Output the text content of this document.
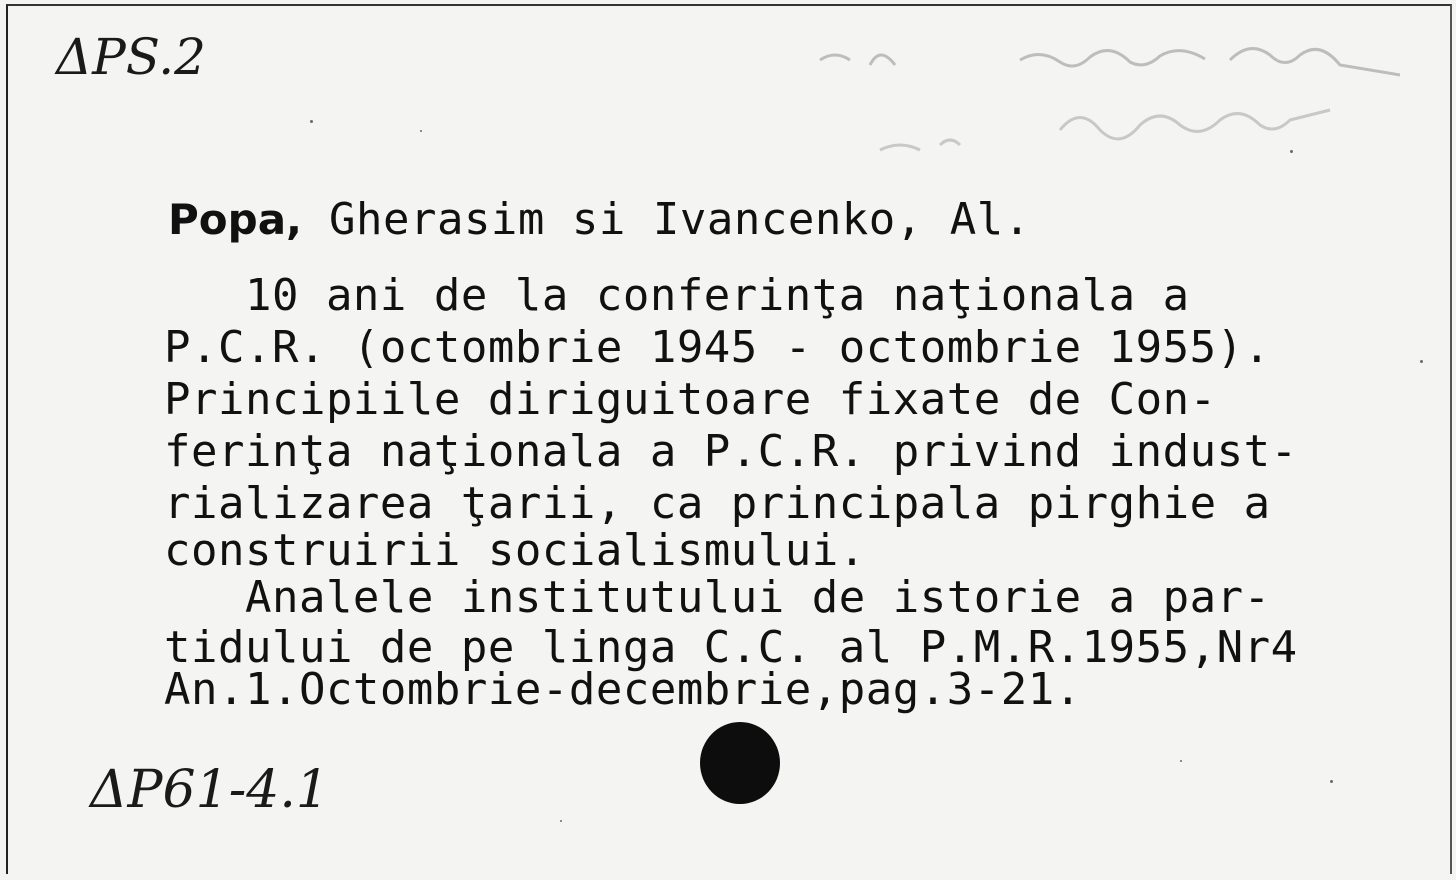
ΔPS.2
Popa, Gherasim si Ivancenko, Al.
10 ani de la conferinţa naţionala a
P.C.R. (octombrie 1945 - octombrie 1955).
Principiile diriguitoare fixate de Con-
ferinţa naţionala a P.C.R. privind indust-
rializarea ţarii, ca principala pirghie a
construirii socialismului.
Analele institutului de istorie a par-
tidului de pe linga C.C. al P.M.R.1955,Nr4
An.1.Octombrie-decembrie,pag.3-21.
ΔP61-4.1
